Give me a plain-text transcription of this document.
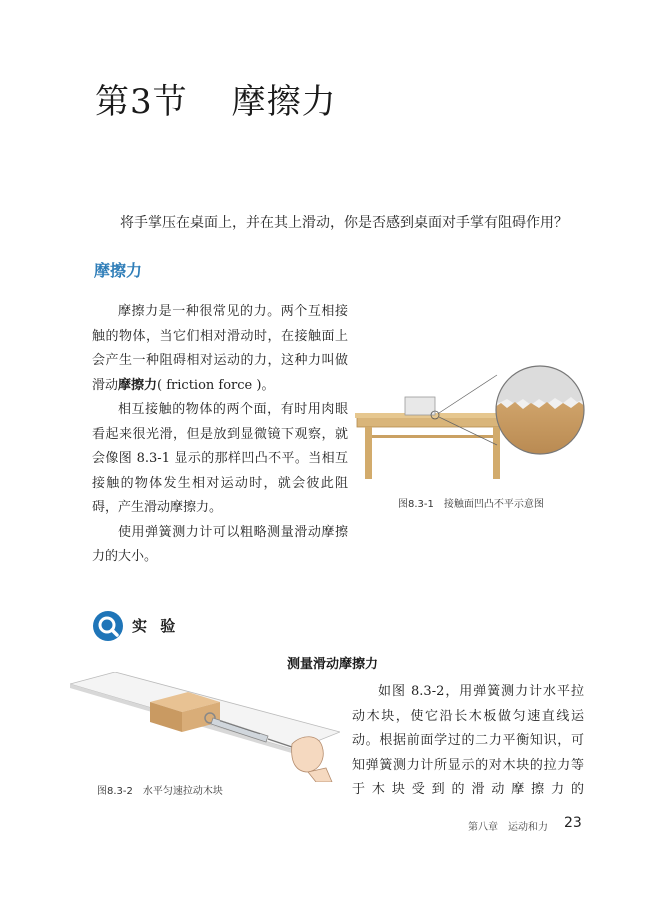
第3节 摩擦力
将手掌压在桌面上，并在其上滑动，你是否感到桌面对手掌有阻碍作用？
摩擦力

摩擦力是一种很常见的力。两个互相接触的物体，当它们相对滑动时，在接触面上会产生一种阻碍相对运动的力，这种力叫做滑动摩擦力( friction force )。

相互接触的物体的两个面，有时用肉眼看起来很光滑，但是放到显微镜下观察，就会像图 8.3-1 显示的那样凹凸不平。当相互接触的物体发生相对运动时，就会彼此阻碍，产生滑动摩擦力。

使用弹簧测力计可以粗略测量滑动摩擦力的大小。

图8.3-1　接触面凹凸不平示意图
实 验
测量滑动摩擦力
图8.3-2　水平匀速拉动木块

如图 8.3-2，用弹簧测力计水平拉动木块，使它沿长木板做匀速直线运动。根据前面学过的二力平衡知识，可知弹簧测力计所显示的对木块的拉力等于木块受到的滑动摩擦力的

第八章　运动和力 23
